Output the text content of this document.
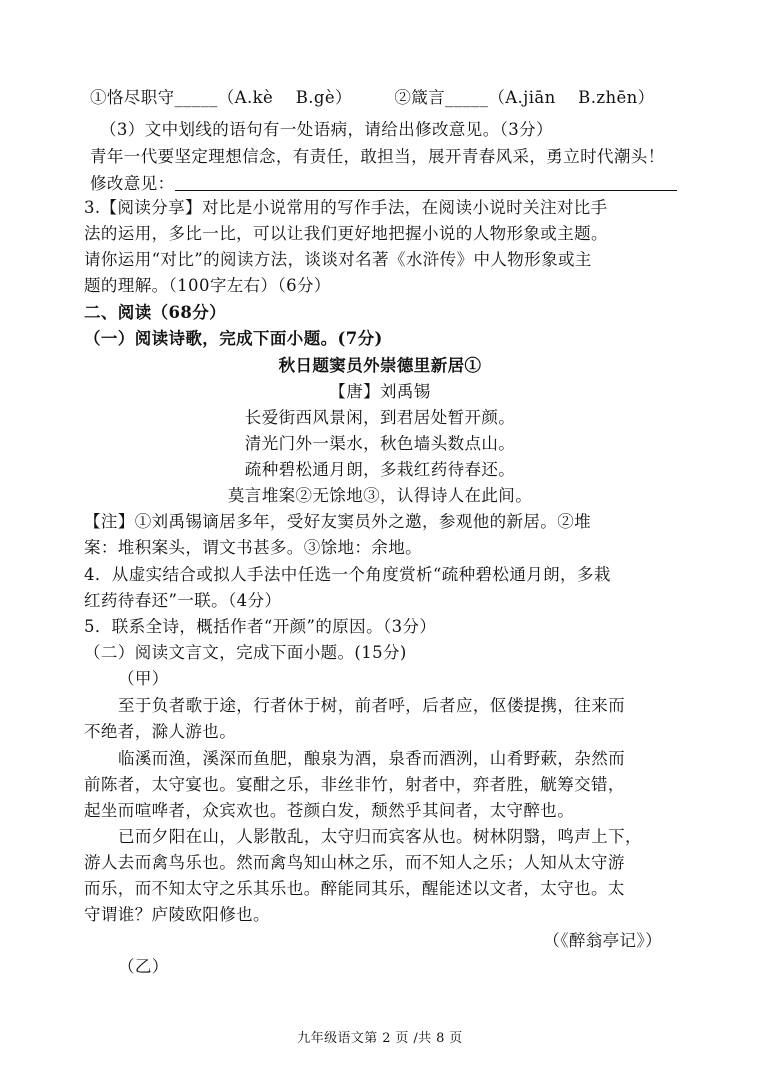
①恪尽职守_____（A.kè　 B.gè）　　　②箴言_____（A.jiān　 B.zhēn）
（3）文中划线的语句有一处语病，请给出修改意见。（3分）
青年一代要坚定理想信念，有责任，敢担当，展开青春风采，勇立时代潮头！
修改意见：
3.【阅读分享】对比是小说常用的写作手法，在阅读小说时关注对比手
法的运用，多比一比，可以让我们更好地把握小说的人物形象或主题。
请你运用“对比”的阅读方法，谈谈对名著《水浒传》中人物形象或主
题的理解。（100字左右）（6分）
二、阅读（68分）
（一）阅读诗歌，完成下面小题。(7分)
秋日题窦员外崇德里新居①
【唐】刘禹锡
长爱街西风景闲，到君居处暂开颜。
清光门外一渠水，秋色墙头数点山。
疏种碧松通月朗，多栽红药待春还。
莫言堆案②无馀地③，认得诗人在此间。
【注】①刘禹锡谪居多年，受好友窦员外之邀，参观他的新居。②堆
案：堆积案头，谓文书甚多。③馀地：余地。
4．从虚实结合或拟人手法中任选一个角度赏析“疏种碧松通月朗，多栽
红药待春还”一联。（4分）
5．联系全诗，概括作者“开颜”的原因。（3分）
（二）阅读文言文，完成下面小题。(15分)
（甲）
至于负者歌于途，行者休于树，前者呼，后者应，伛偻提携，往来而
不绝者，滁人游也。
临溪而渔，溪深而鱼肥，酿泉为酒，泉香而酒洌，山肴野蔌，杂然而
前陈者，太守宴也。宴酣之乐，非丝非竹，射者中，弈者胜，觥筹交错，
起坐而喧哗者，众宾欢也。苍颜白发，颓然乎其间者，太守醉也。
已而夕阳在山，人影散乱，太守归而宾客从也。树林阴翳，鸣声上下，
游人去而禽鸟乐也。然而禽鸟知山林之乐，而不知人之乐；人知从太守游
而乐，而不知太守之乐其乐也。醉能同其乐，醒能述以文者，太守也。太
守谓谁？庐陵欧阳修也。
（《醉翁亭记》）
（乙）
九年级语文第 2 页 /共 8 页
